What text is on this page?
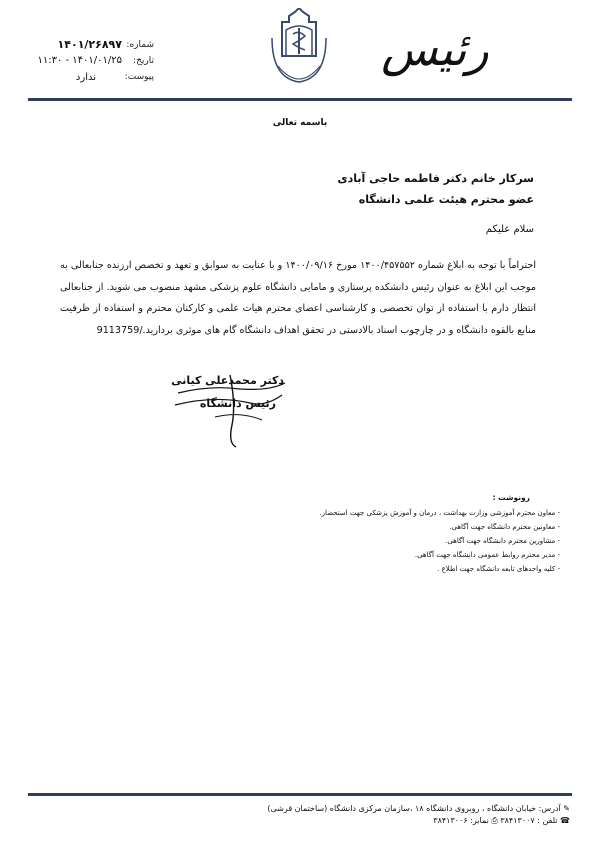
رئیس
شماره:
تاریخ:
پیوست:
۱۴۰۱/۲۶۸۹۷
۱۴۰۱/۰۱/۲۵ - ۱۱:۳۰
ندارد
باسمه تعالی
سرکار خانم دکتر فاطمه حاجی آبادی
عضو محترم هیئت علمی دانشگاه
سلام علیکم
احتراماً با توجه به ابلاغ شماره ۱۴۰۰/۴۵۷۵۵۲ مورخ ۱۴۰۰/۰۹/۱۶ و با عنایت به سوابق و تعهد و تخصص ارزنده جنابعالی به موجب این ابلاغ به عنوان رئیس دانشکده پرستاری و مامایی دانشگاه علوم پزشکی مشهد منصوب می شوید. از جنابعالی انتظار دارم با استفاده از توان تخصصی و کارشناسی اعضای محترم هیات علمی و کارکنان محترم و استفاده از ظرفیت منابع بالقوه دانشگاه و در چارچوب اسناد بالادستی در تحقق اهداف دانشگاه گام های موثری بردارید./9113759
دکتر محمدعلی کیانی
رئیس دانشگاه
رونوشت :
- معاون محترم آموزشی وزارت بهداشت ، درمان و آموزش پزشکی جهت استحضار.
- معاونین محترم دانشگاه جهت آگاهی.
- مشاورین محترم دانشگاه جهت آگاهی.
- مدیر محترم روابط عمومی دانشگاه جهت آگاهی.
- کلیه واحدهای تابعه دانشگاه جهت اطلاع .
✎ آدرس: خیابان دانشگاه ، روبروی دانشگاه ۱۸ ،سازمان مرکزی دانشگاه (ساختمان قرشی)
☎ تلفن : ۳۸۴۱۳۰۰۷ ⎙ نمابر: ۳۸۴۱۳۰۰۶
